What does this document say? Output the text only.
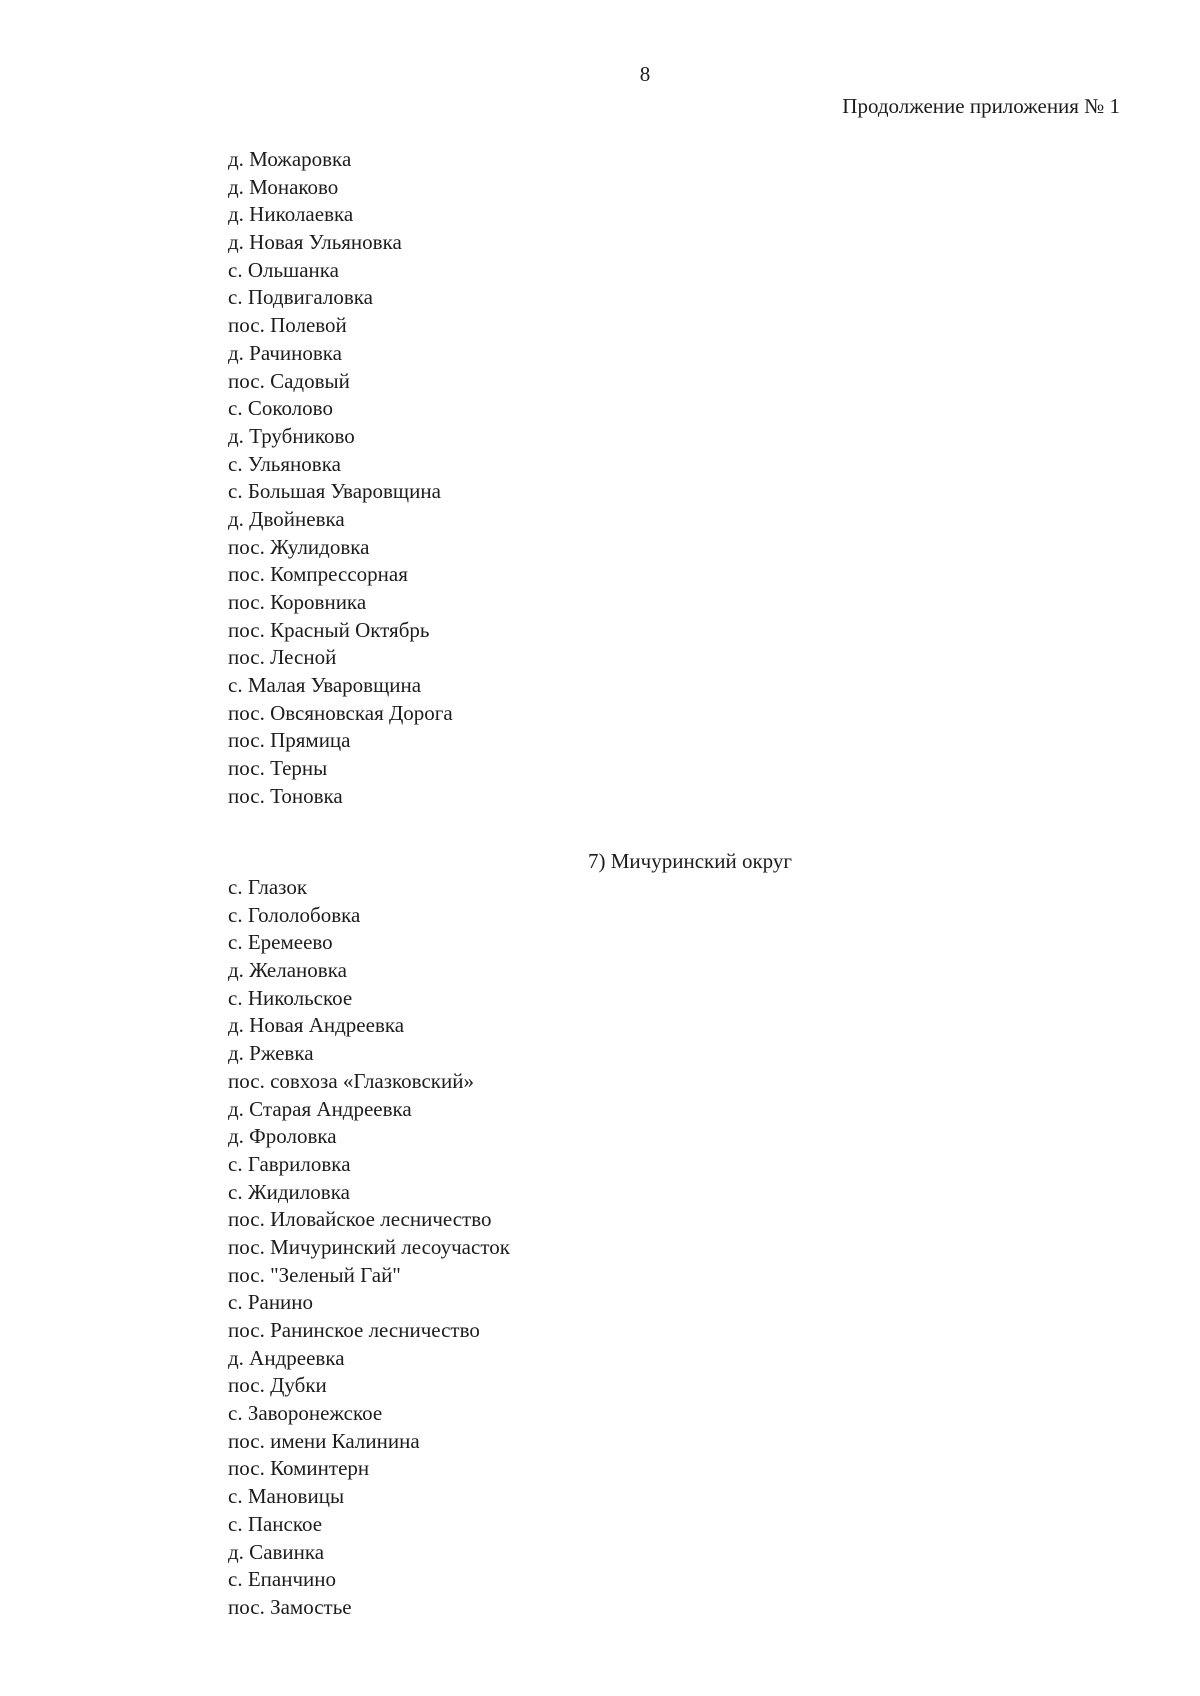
8
Продолжение приложения № 1
д. Можаровка
д. Монаково
д. Николаевка
д. Новая Ульяновка
с. Ольшанка
с. Подвигаловка
пос. Полевой
д. Рачиновка
пос. Садовый
с. Соколово
д. Трубниково
с. Ульяновка
с. Большая Уваровщина
д. Двойневка
пос. Жулидовка
пос. Компрессорная
пос. Коровника
пос. Красный Октябрь
пос. Лесной
с. Малая Уваровщина
пос. Овсяновская Дорога
пос. Прямица
пос. Терны
пос. Тоновка
7) Мичуринский округ
с. Глазок
с. Гололобовка
с. Еремеево
д. Желановка
с. Никольское
д. Новая Андреевка
д. Ржевка
пос. совхоза «Глазковский»
д. Старая Андреевка
д. Фроловка
с. Гавриловка
с. Жидиловка
пос. Иловайское лесничество
пос. Мичуринский лесоучасток
пос. "Зеленый Гай"
с. Ранино
пос. Ранинское лесничество
д. Андреевка
пос. Дубки
с. Заворонежское
пос. имени Калинина
пос. Коминтерн
с. Мановицы
с. Панское
д. Савинка
с. Епанчино
пос. Замостье
